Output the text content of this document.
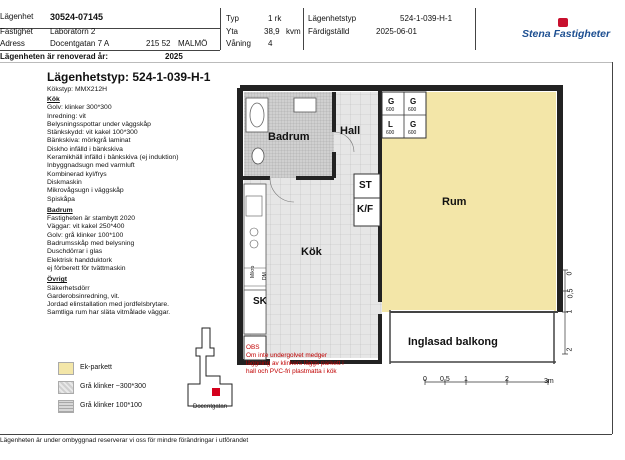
Lägenhet 30524-07145
Fastighet Laboratorn 2
Adress	Docentgatan 7 A	215 52 MALMÖ
Lägenheten är renoverad år:	2025
Typ	1 rk
Yta	38,9 kvm
Våning 4
Lägenhetstyp	524-1-039-H-1
Färdigställd	2025-06-01	Stena Fastigheter
Lägenhetstyp: 524-1-039-H-1
Kökstyp: MMX212H
Kök
Golv: klinker 300*300
Inredning: vit
Belysningsspottar under väggskåp
Stänkskydd: vit kakel 100*300
Bänkskiva: mörkgrå laminat
Diskho infälld i bänkskiva
Keramikhäll infälld i bänkskiva (ej induktion)
Inbyggnadsugn med varmluft
Kombinerad kyl/frys
Diskmaskin
Mikrovågsugn i väggskåp
Spiskåpa
Badrum
Fastigheten är stambytt 2020
Väggar: vit kakel 250*400
Golv: grå klinker 100*100
Badrumsskåp med belysning
Duschdörrar i glas
Elektrisk handduktork
ej förberett för tvättmaskin
Övrigt
Säkerhetsdörr
Garderobsinredning, vit.
Jordad elinstallation med jordfelsbrytare.
Samtliga rum har släta vitmålade väggar.
Ek-parkett
Grå klinker ~300*300
Grå klinker 100*100	Docentgatan
Badrum	Hall
Rum
Kök
Inglasad balkong
ST
K/F
SK
Mikro DM
G
600
G
600
L
600
G
600
OBS
Om inte undergolvet medger
läggning av klinkers läggs parkett i
hall och PVC-fri plastmatta i kök
0 0,5 1	2	3m
0
0,5
1
2
Lägenheten är under ombyggnad reserverar vi oss för mindre förändringar i utförandet
